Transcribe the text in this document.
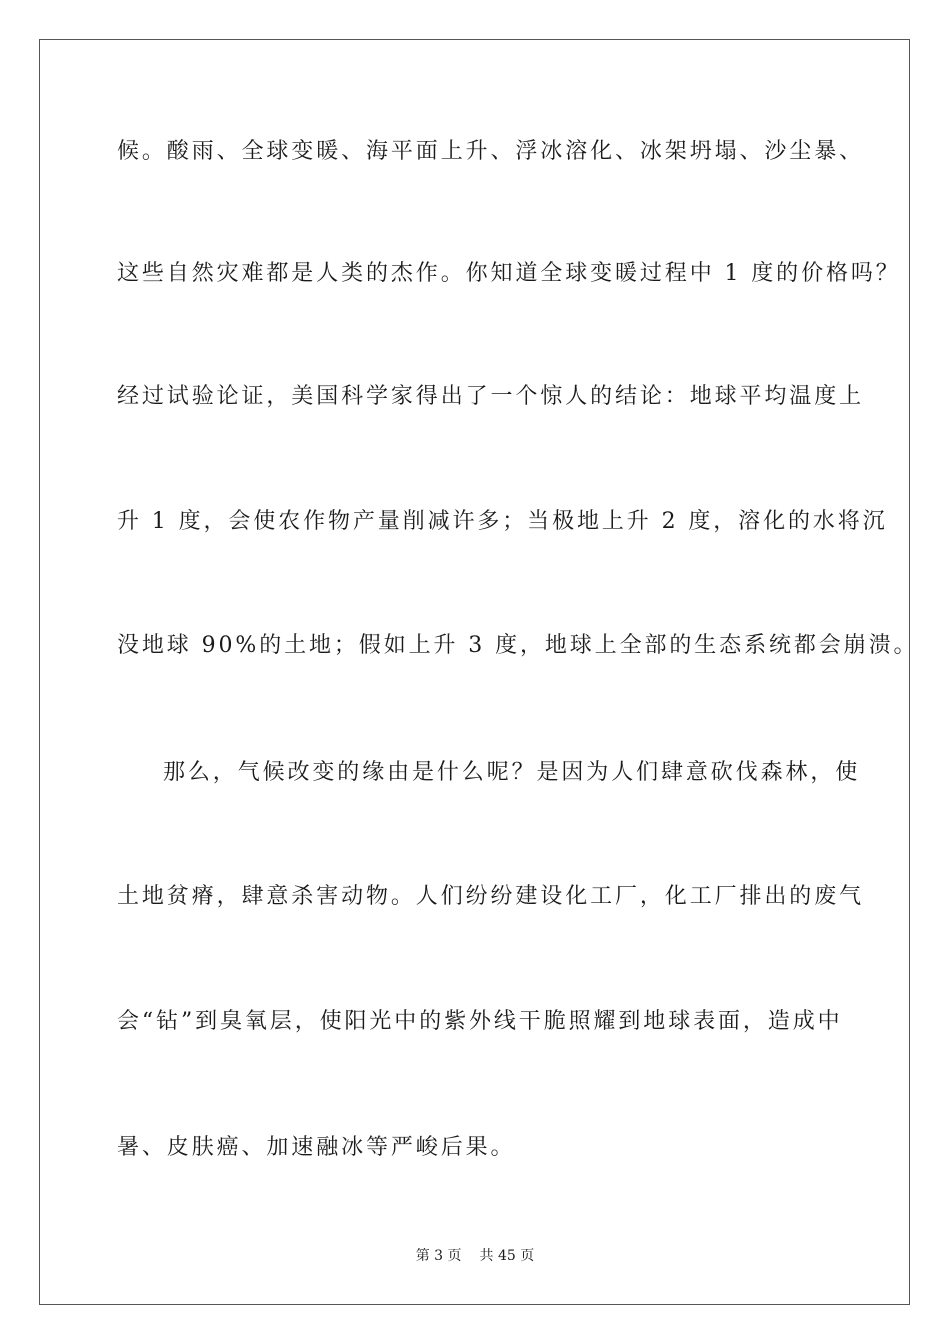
候。酸雨、全球变暖、海平面上升、浮冰溶化、冰架坍塌、沙尘暴、
这些自然灾难都是人类的杰作。你知道全球变暖过程中 1 度的价格吗？
经过试验论证，美国科学家得出了一个惊人的结论：地球平均温度上
升 1 度，会使农作物产量削减许多；当极地上升 2 度，溶化的水将沉
没地球 90%的土地；假如上升 3 度，地球上全部的生态系统都会崩溃。
那么，气候改变的缘由是什么呢？是因为人们肆意砍伐森林，使
土地贫瘠，肆意杀害动物。人们纷纷建设化工厂，化工厂排出的废气
会“钻”到臭氧层，使阳光中的紫外线干脆照耀到地球表面，造成中
暑、皮肤癌、加速融冰等严峻后果。
第 3 页 共 45 页
